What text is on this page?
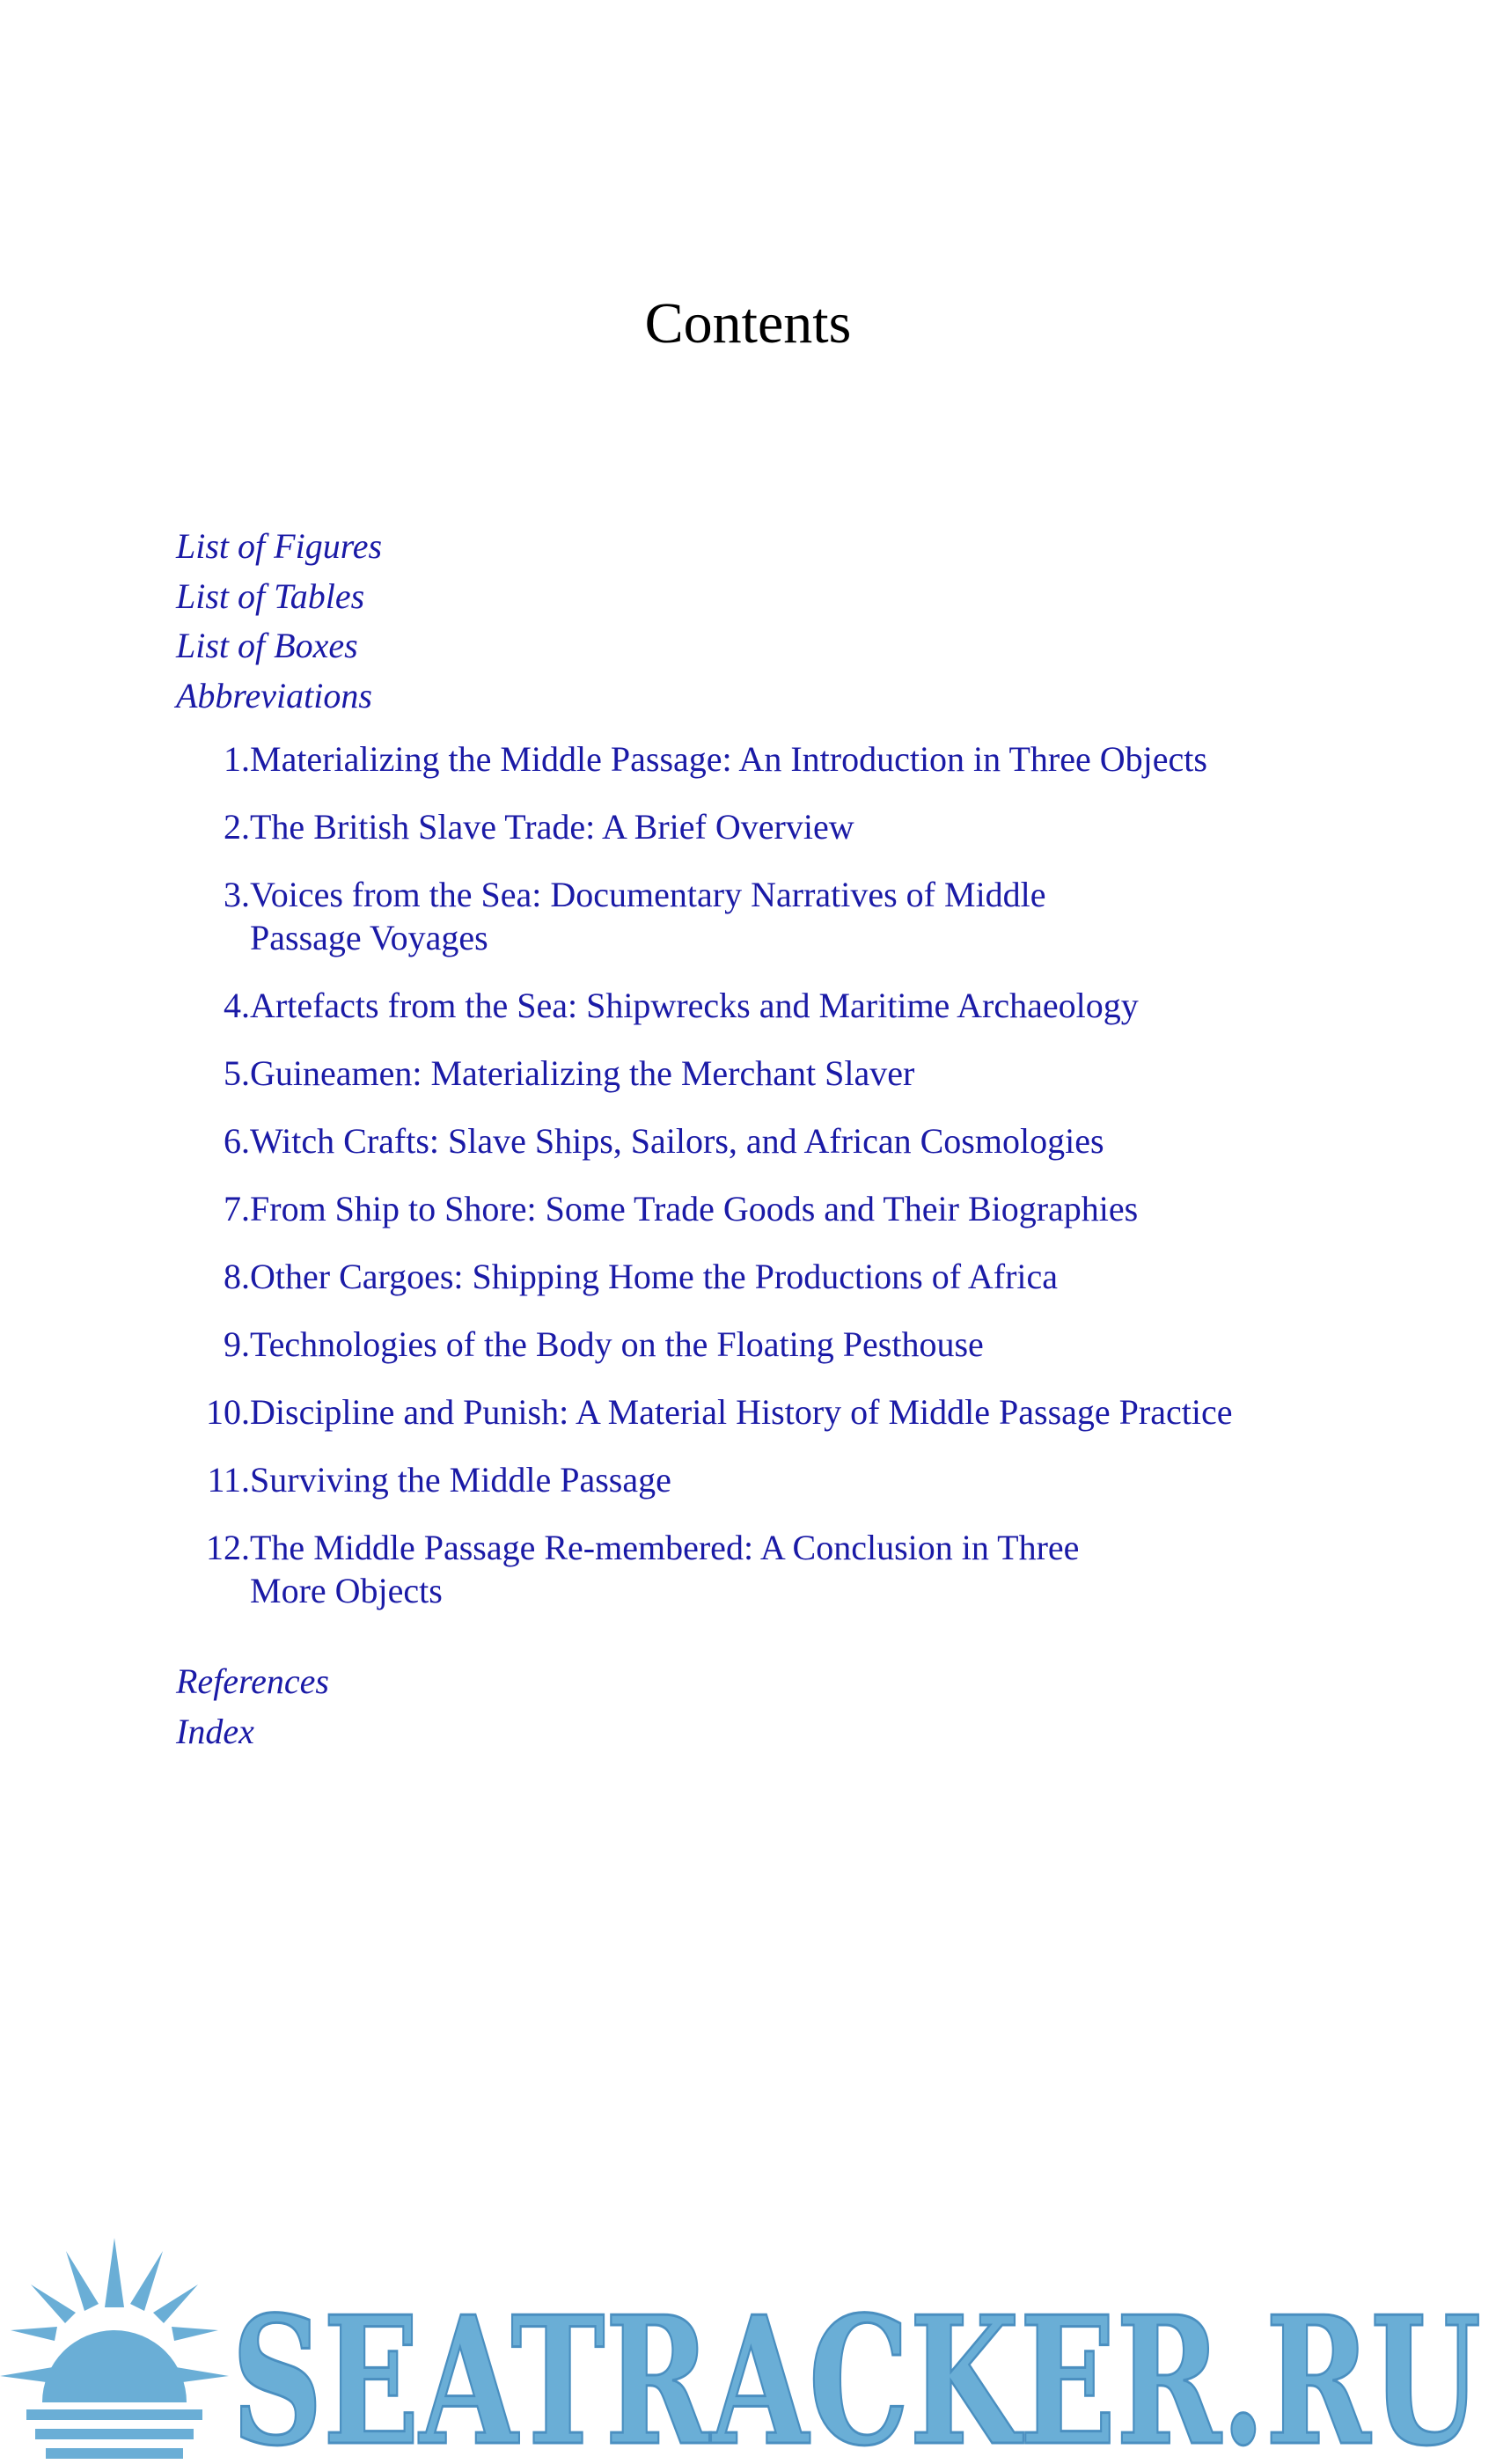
Contents
List of Figures
List of Tables
List of Boxes
Abbreviations
1. Materializing the Middle Passage: An Introduction in Three Objects
2. The British Slave Trade: A Brief Overview
3. Voices from the Sea: Documentary Narratives of Middle Passage Voyages
4. Artefacts from the Sea: Shipwrecks and Maritime Archaeology
5. Guineamen: Materializing the Merchant Slaver
6. Witch Crafts: Slave Ships, Sailors, and African Cosmologies
7. From Ship to Shore: Some Trade Goods and Their Biographies
8. Other Cargoes: Shipping Home the Productions of Africa
9. Technologies of the Body on the Floating Pesthouse
10. Discipline and Punish: A Material History of Middle Passage Practice
11. Surviving the Middle Passage
12. The Middle Passage Re-membered: A Conclusion in Three More Objects
References
Index
SEATRACKER.RU
